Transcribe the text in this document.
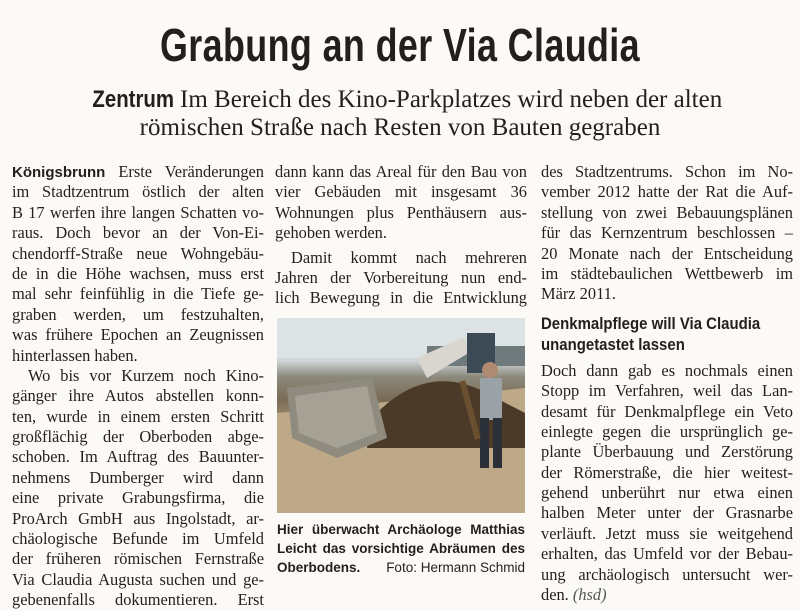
Grabung an der Via Claudia
Zentrum Im Bereich des Kino-Parkplatzes wird neben der alten
römischen Straße nach Resten von Bauten gegraben
Königsbrunn Erste Veränderungen
im Stadtzentrum östlich der alten
B 17 werfen ihre langen Schatten vo-
raus. Doch bevor an der Von-Ei-
chendorff-Straße neue Wohngebäu-
de in die Höhe wachsen, muss erst
mal sehr feinfühlig in die Tiefe ge-
graben werden, um festzuhalten,
was frühere Epochen an Zeugnissen
hinterlassen haben.
Wo bis vor Kurzem noch Kino-
gänger ihre Autos abstellen konn-
ten, wurde in einem ersten Schritt
großflächig der Oberboden abge-
schoben. Im Auftrag des Bauunter-
nehmens Dumberger wird dann
eine private Grabungsfirma, die
ProArch GmbH aus Ingolstadt, ar-
chäologische Befunde im Umfeld
der früheren römischen Fernstraße
Via Claudia Augusta suchen und ge-
gebenenfalls dokumentieren. Erst
dann kann das Areal für den Bau von
vier Gebäuden mit insgesamt 36
Wohnungen plus Penthäusern aus-
gehoben werden.
Damit kommt nach mehreren
Jahren der Vorbereitung nun end-
lich Bewegung in die Entwicklung
Hier überwacht Archäologe Matthias
Leicht das vorsichtige Abräumen des
Oberbodens. Foto: Hermann Schmid
des Stadtzentrums. Schon im No-
vember 2012 hatte der Rat die Auf-
stellung von zwei Bebauungsplänen
für das Kernzentrum beschlossen –
20 Monate nach der Entscheidung
im städtebaulichen Wettbewerb im
März 2011.
Denkmalpflege will Via Claudia
unangetastet lassen
Doch dann gab es nochmals einen
Stopp im Verfahren, weil das Lan-
desamt für Denkmalpflege ein Veto
einlegte gegen die ursprünglich ge-
plante Überbauung und Zerstörung
der Römerstraße, die hier weitest-
gehend unberührt nur etwa einen
halben Meter unter der Grasnarbe
verläuft. Jetzt muss sie weitgehend
erhalten, das Umfeld vor der Bebau-
ung archäologisch untersucht wer-
den. (hsd)
